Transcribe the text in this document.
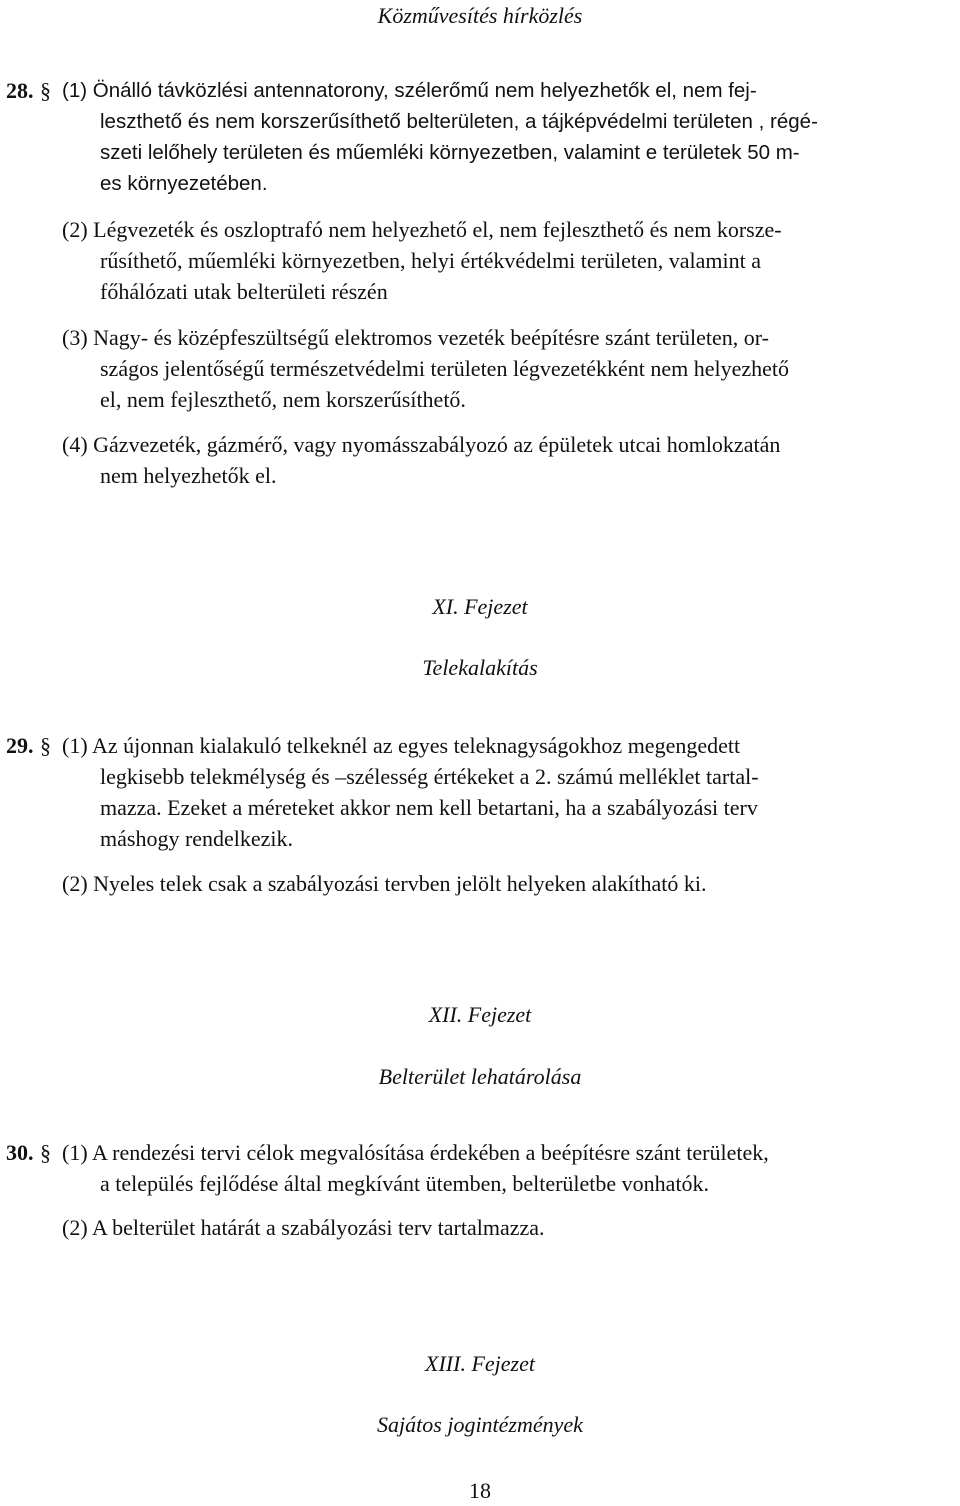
Közművesítés hírközlés
28. § (1) Önálló távközlési antennatorony, szélerőmű nem helyezhetők el, nem fej-
leszthető és nem korszerűsíthető belterületen, a tájképvédelmi területen , régé-
szeti lelőhely területen és műemléki környezetben, valamint e területek 50 m-
es környezetében.
(2) Légvezeték és oszloptrafó nem helyezhető el, nem fejleszthető és nem korsze-
rűsíthető, műemléki környezetben, helyi értékvédelmi területen, valamint a
főhálózati utak belterületi részén
(3) Nagy- és középfeszültségű elektromos vezeték beépítésre szánt területen, or-
szágos jelentőségű természetvédelmi területen légvezetékként nem helyezhető
el, nem fejleszthető, nem korszerűsíthető.
(4) Gázvezeték, gázmérő, vagy nyomásszabályozó az épületek utcai homlokzatán
nem helyezhetők el.
XI. Fejezet
Telekalakítás
29. § (1) Az újonnan kialakuló telkeknél az egyes teleknagyságokhoz megengedett
legkisebb telekmélység és –szélesség értékeket a 2. számú melléklet tartal-
mazza. Ezeket a méreteket akkor nem kell betartani, ha a szabályozási terv
máshogy rendelkezik.
(2) Nyeles telek csak a szabályozási tervben jelölt helyeken alakítható ki.
XII. Fejezet
Belterület lehatárolása
30. § (1) A rendezési tervi célok megvalósítása érdekében a beépítésre szánt területek,
a település fejlődése által megkívánt ütemben, belterületbe vonhatók.
(2) A belterület határát a szabályozási terv tartalmazza.
XIII. Fejezet
Sajátos jogintézmények
18
